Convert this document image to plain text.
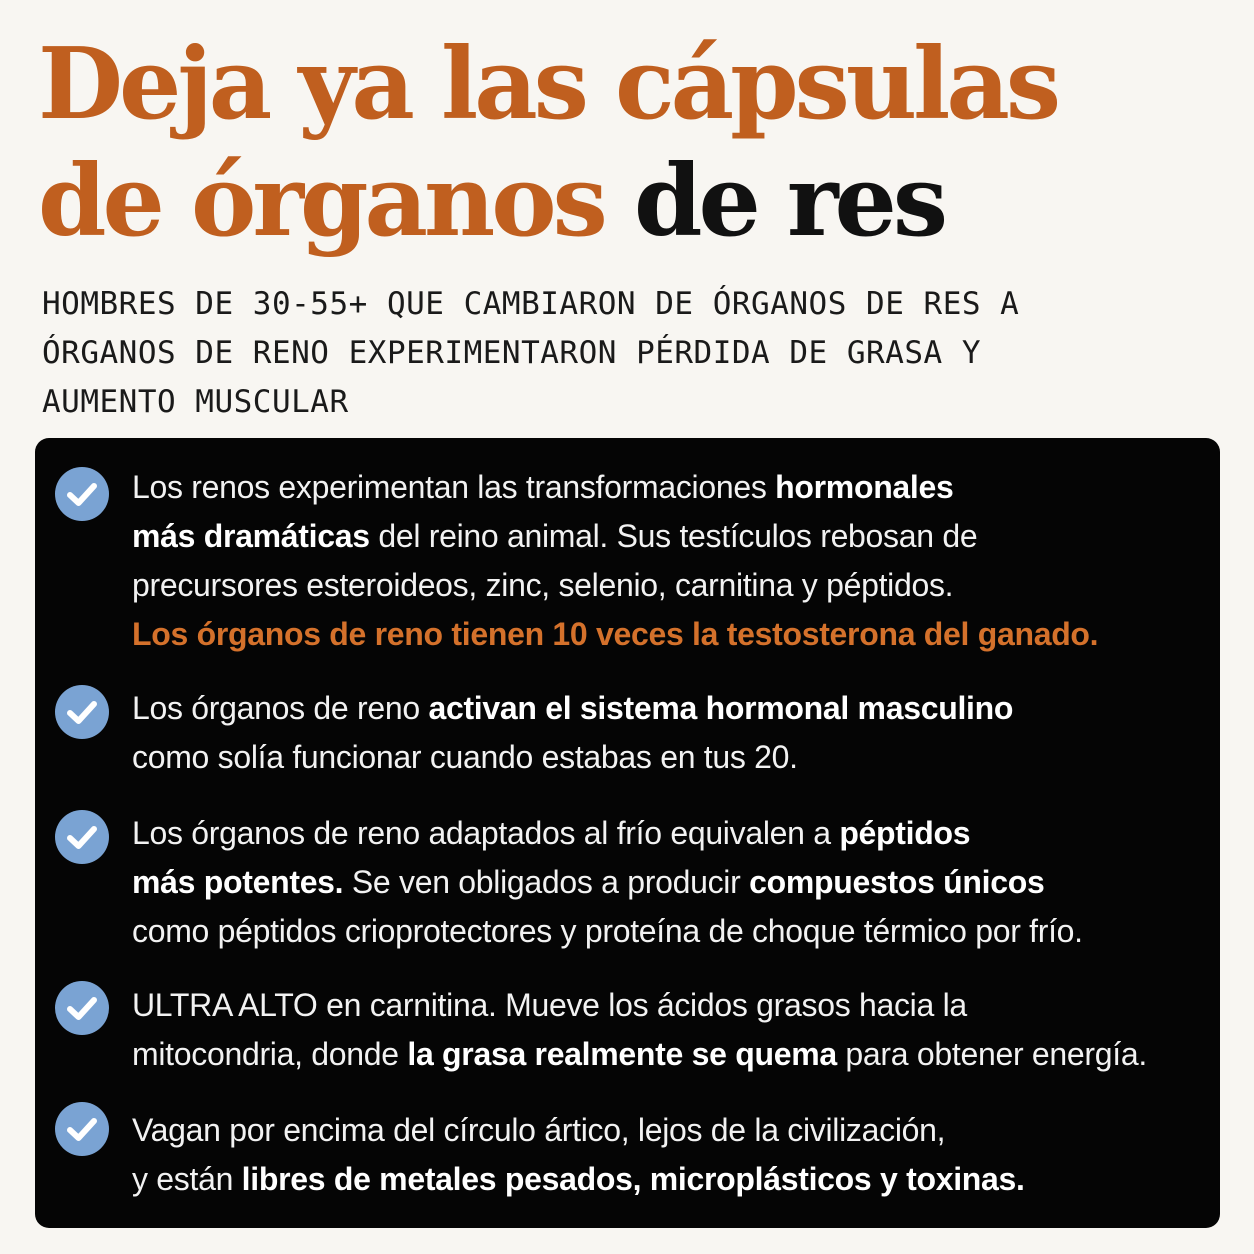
Deja ya las cápsulas
de órganos de res

HOMBRES DE 30-55+ QUE CAMBIARON DE ÓRGANOS DE RES A
ÓRGANOS DE RENO EXPERIMENTARON PÉRDIDA DE GRASA Y
AUMENTO MUSCULAR

Los renos experimentan las transformaciones hormonales
más dramáticas del reino animal. Sus testículos rebosan de
precursores esteroideos, zinc, selenio, carnitina y péptidos.
Los órganos de reno tienen 10 veces la testosterona del ganado.

Los órganos de reno activan el sistema hormonal masculino
como solía funcionar cuando estabas en tus 20.

Los órganos de reno adaptados al frío equivalen a péptidos
más potentes. Se ven obligados a producir compuestos únicos
como péptidos crioprotectores y proteína de choque térmico por frío.

ULTRA ALTO en carnitina. Mueve los ácidos grasos hacia la
mitocondria, donde la grasa realmente se quema para obtener energía.

Vagan por encima del círculo ártico, lejos de la civilización,
y están libres de metales pesados, microplásticos y toxinas.
